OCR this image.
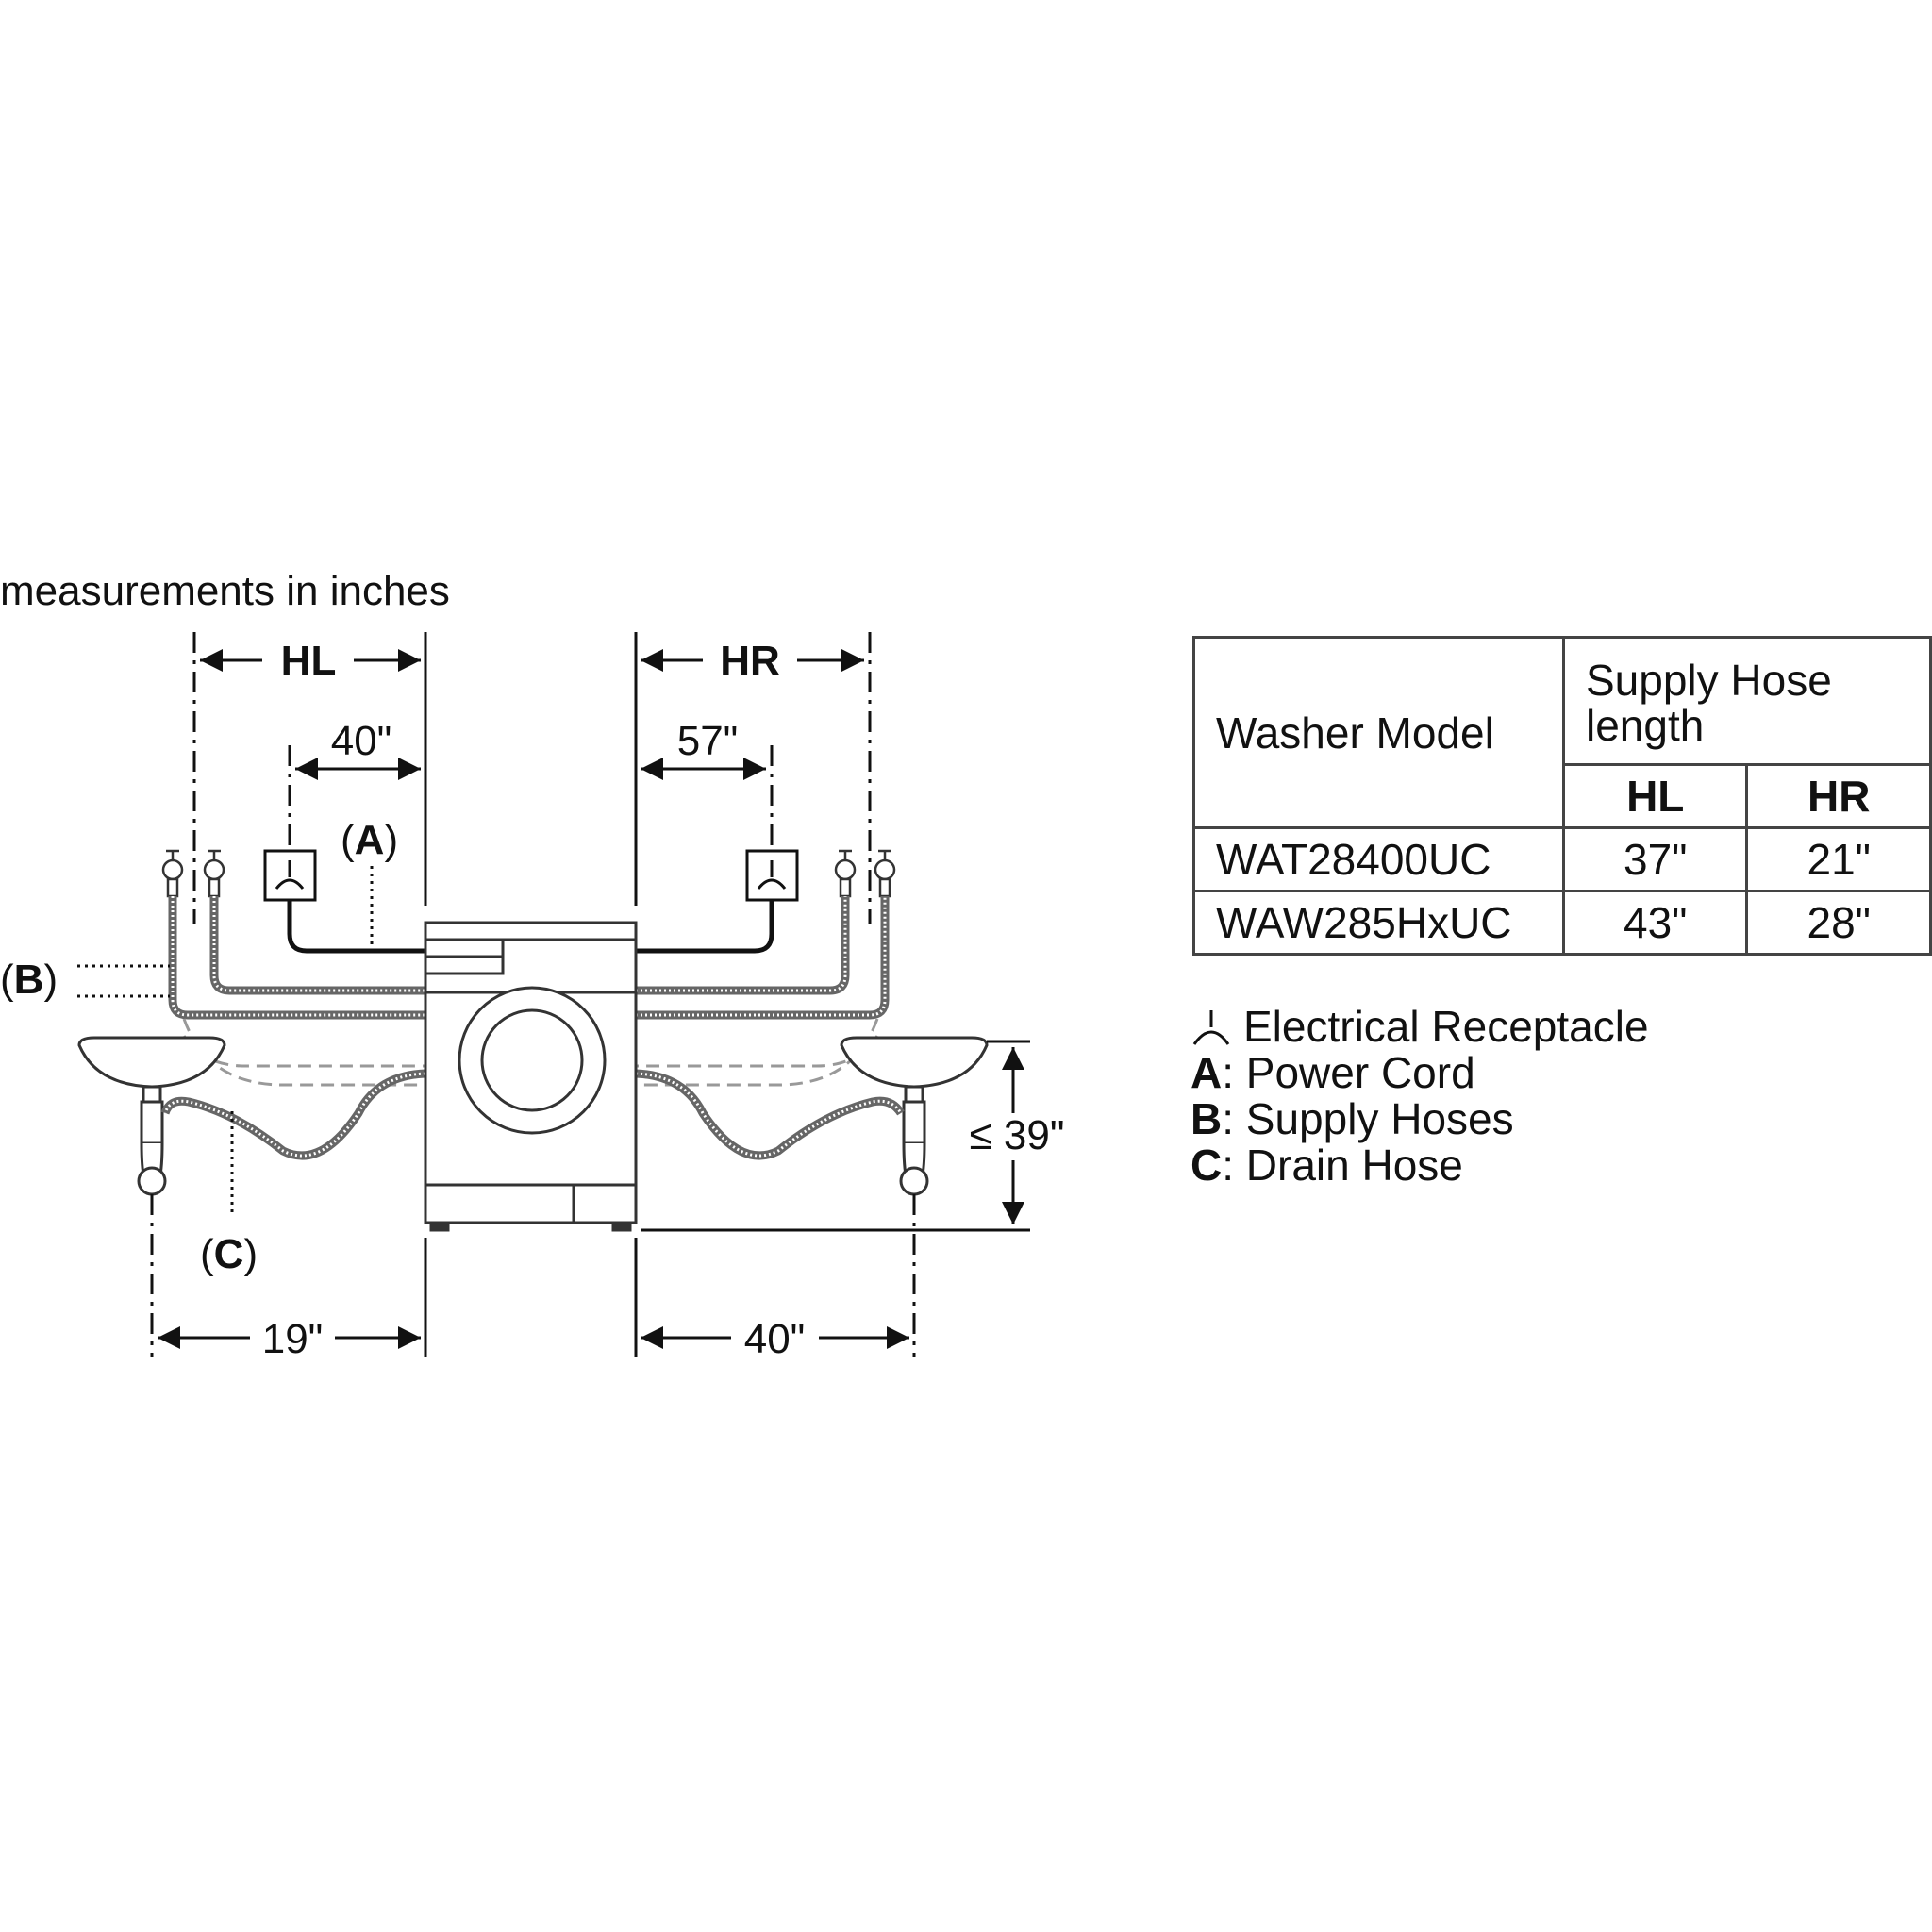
measurements in inches
HL
40"
HR
57"
(A)
(B)
(C)
≤ 39"
19"	40"
Washer Model	Supply Hose
length	
	HL	HR
WAT28400UC	37"	21"
WAW285HxUC	43"	28"
Electrical Receptacle
A : Power Cord
B : Supply Hoses
C : Drain Hose
